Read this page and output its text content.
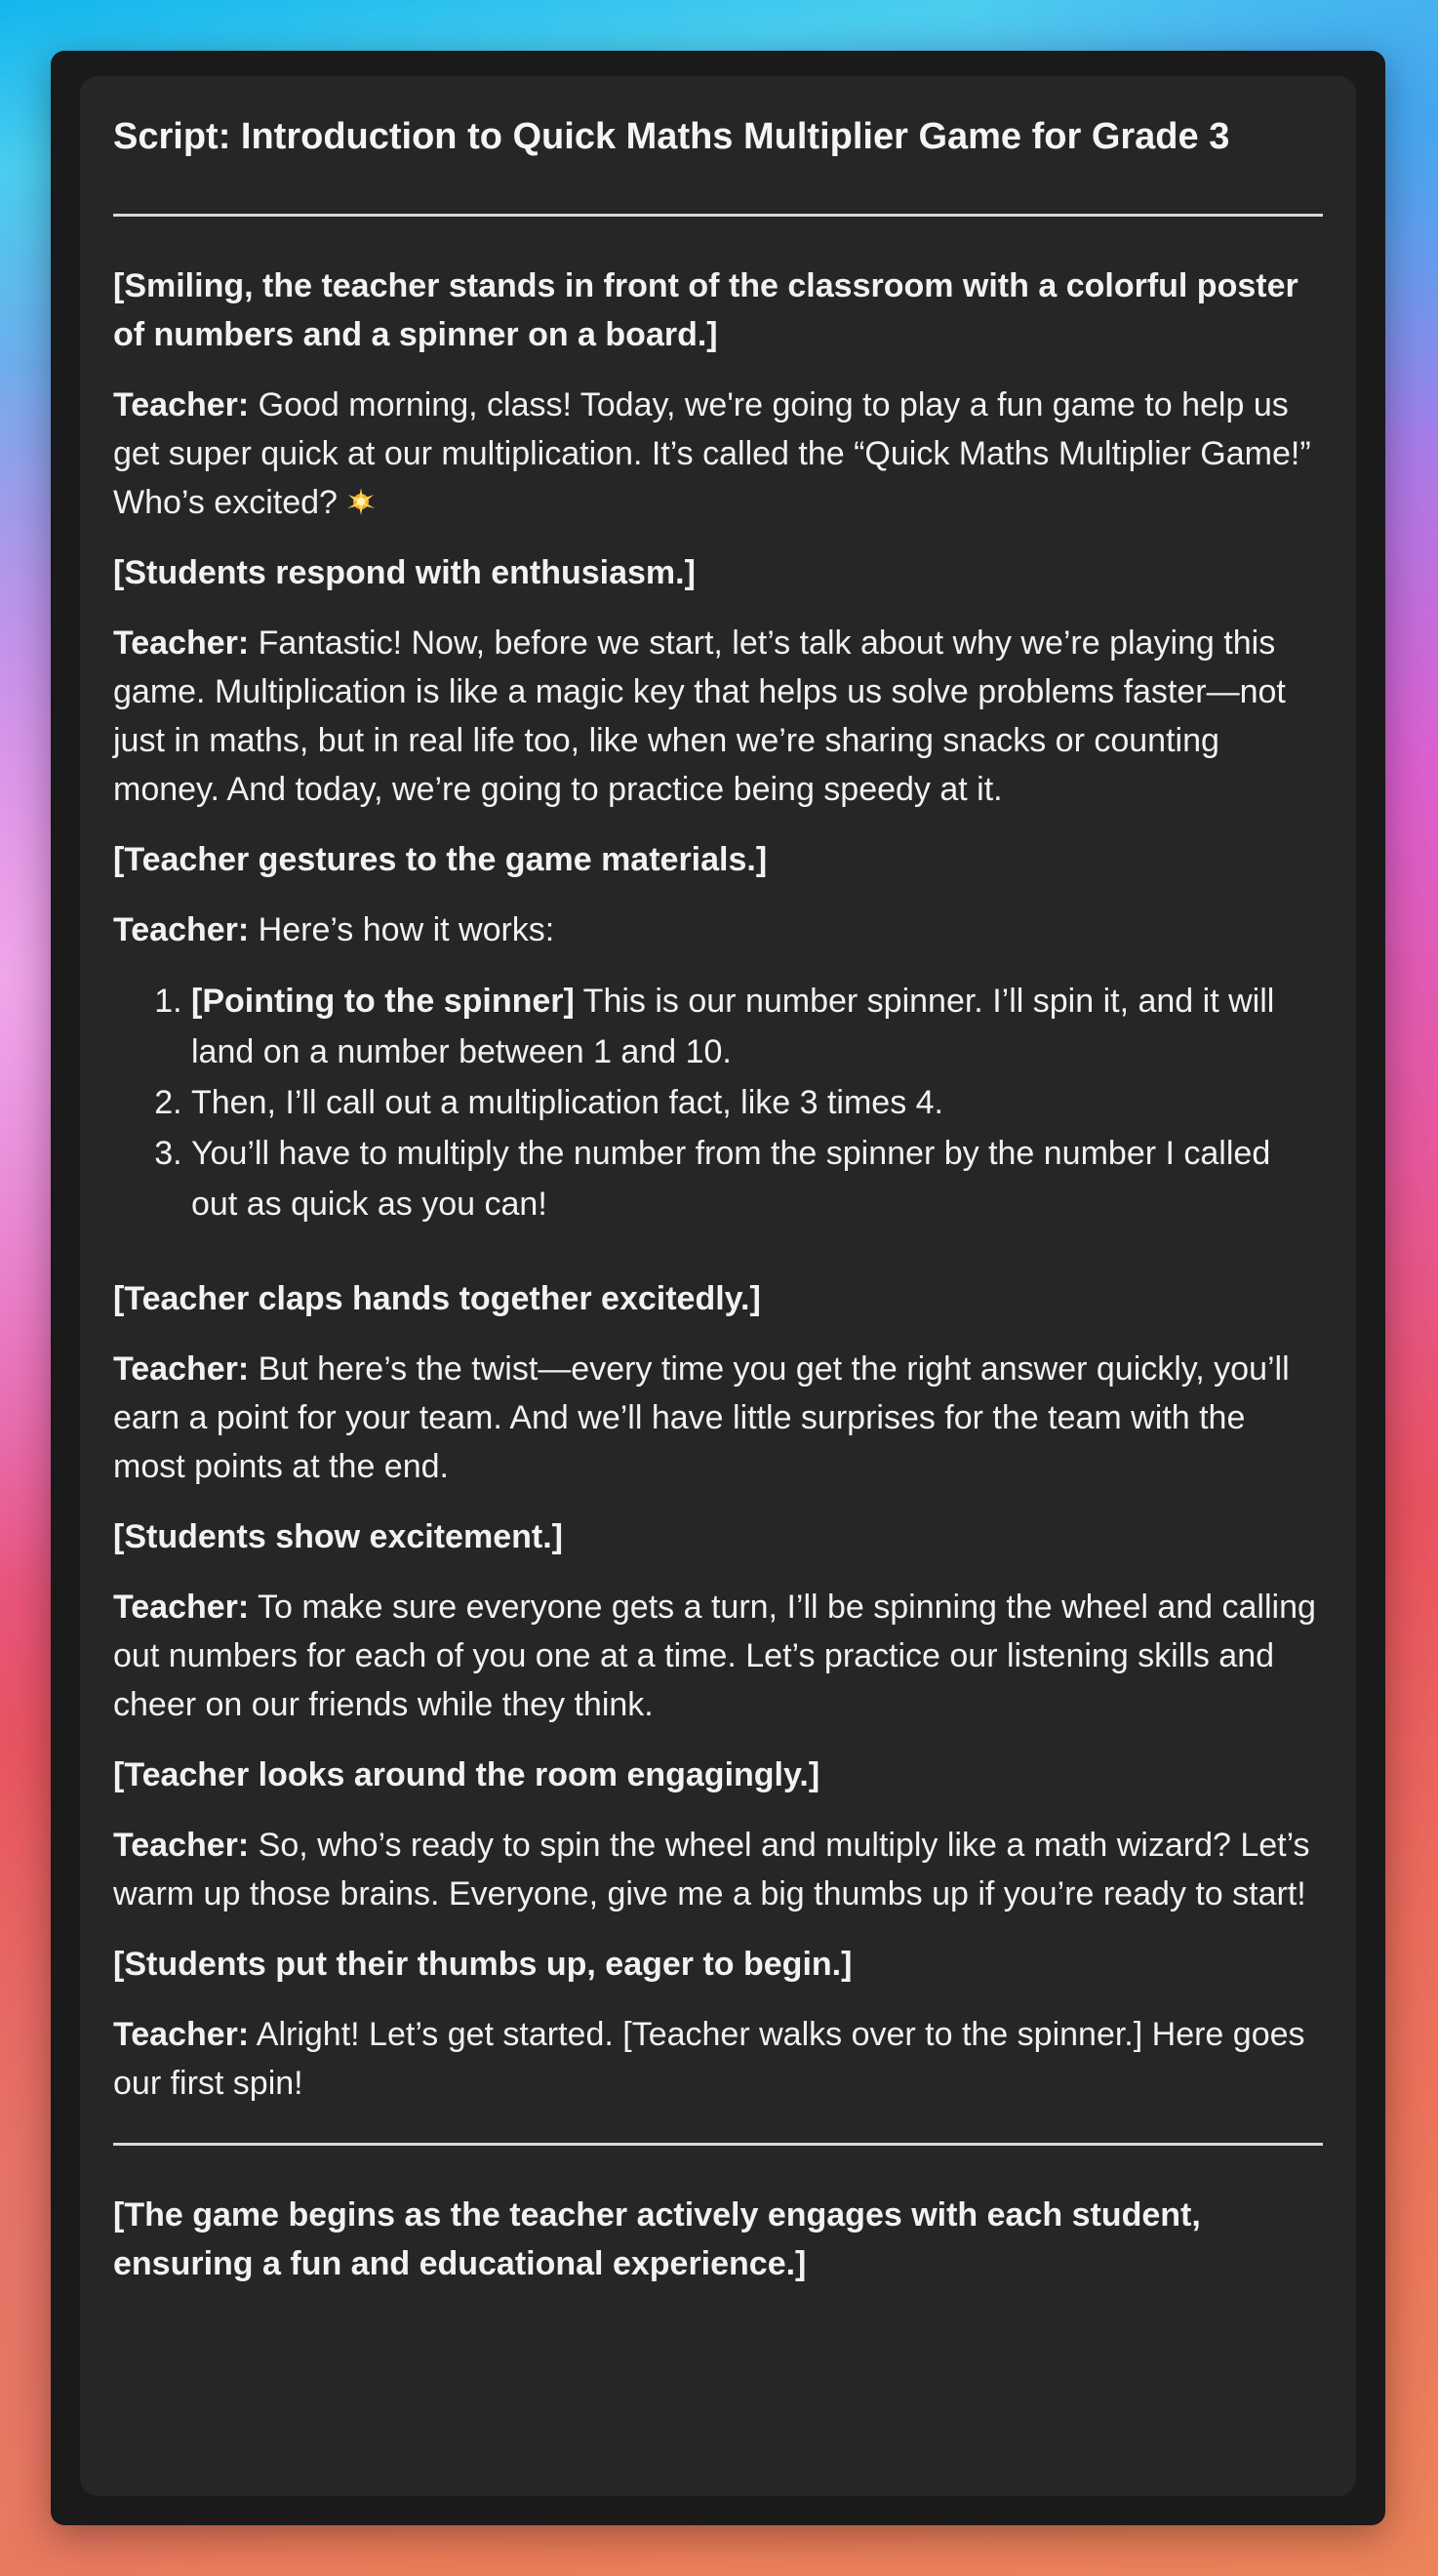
Script: Introduction to Quick Maths Multiplier Game for Grade 3

[Smiling, the teacher stands in front of the classroom with a colorful poster of numbers and a spinner on a board.]

Teacher: Good morning, class! Today, we're going to play a fun game to help us get super quick at our multiplication. It’s called the “Quick Maths Multiplier Game!” Who’s excited?

[Students respond with enthusiasm.]

Teacher: Fantastic! Now, before we start, let’s talk about why we’re playing this game. Multiplication is like a magic key that helps us solve problems faster—not just in maths, but in real life too, like when we’re sharing snacks or counting money. And today, we’re going to practice being speedy at it.

[Teacher gestures to the game materials.]

Teacher: Here’s how it works:

1. [Pointing to the spinner] This is our number spinner. I’ll spin it, and it will land on a number between 1 and 10.
2. Then, I’ll call out a multiplication fact, like 3 times 4.
3. You’ll have to multiply the number from the spinner by the number I called out as quick as you can!

[Teacher claps hands together excitedly.]

Teacher: But here’s the twist—every time you get the right answer quickly, you’ll earn a point for your team. And we’ll have little surprises for the team with the most points at the end.

[Students show excitement.]

Teacher: To make sure everyone gets a turn, I’ll be spinning the wheel and calling out numbers for each of you one at a time. Let’s practice our listening skills and cheer on our friends while they think.

[Teacher looks around the room engagingly.]

Teacher: So, who’s ready to spin the wheel and multiply like a math wizard? Let’s warm up those brains. Everyone, give me a big thumbs up if you’re ready to start!

[Students put their thumbs up, eager to begin.]

Teacher: Alright! Let’s get started. [Teacher walks over to the spinner.] Here goes our first spin!

[The game begins as the teacher actively engages with each student, ensuring a fun and educational experience.]
